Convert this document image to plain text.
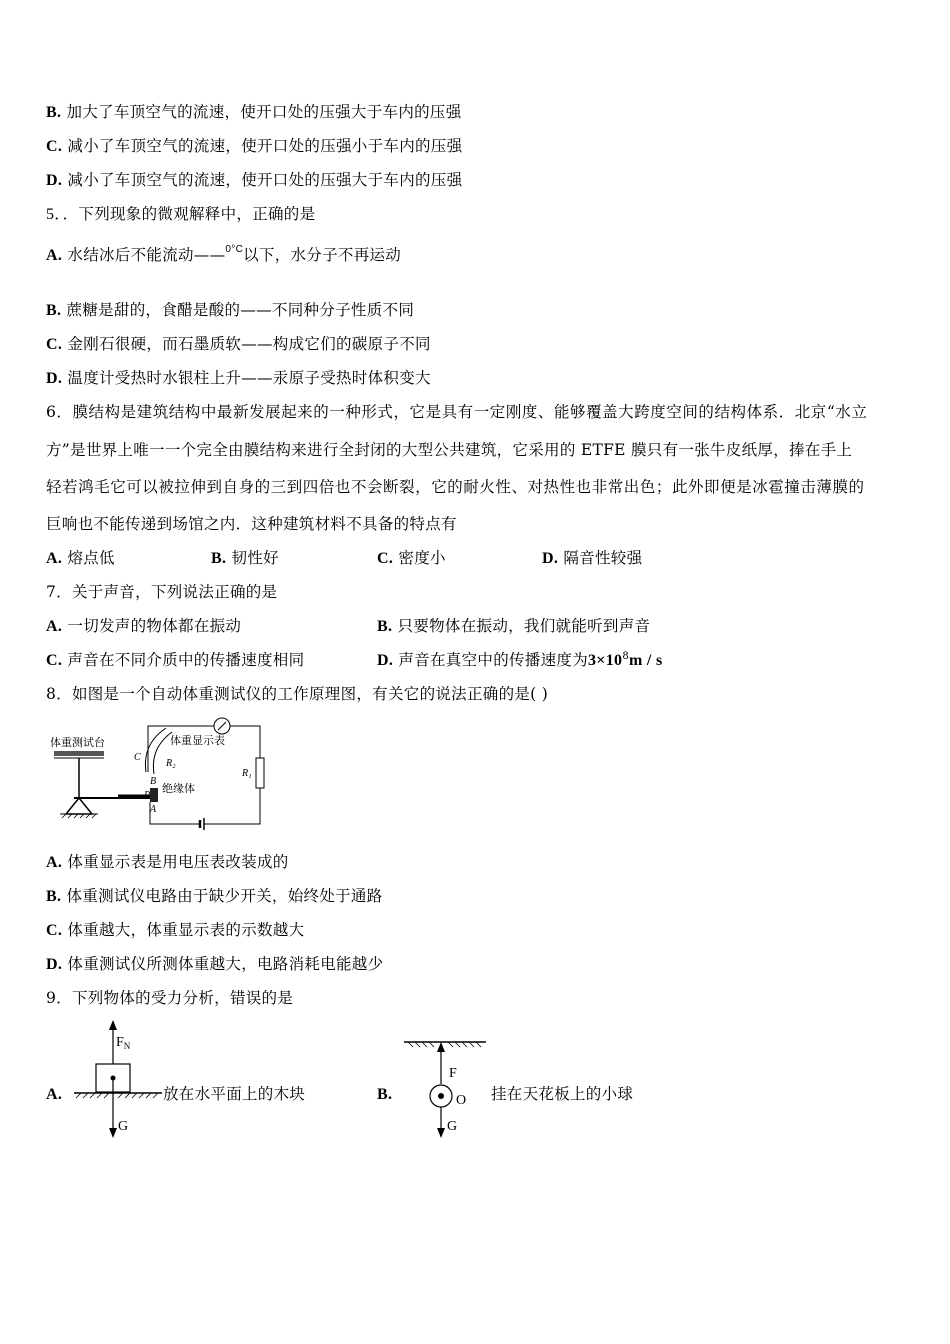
B. 加大了车顶空气的流速，使开口处的压强大于车内的压强
C. 减小了车顶空气的流速，使开口处的压强小于车内的压强
D. 减小了车顶空气的流速，使开口处的压强大于车内的压强
5．．下列现象的微观解释中，正确的是
A. 水结冰后不能流动——$^{0^\circ C}$以下，水分子不再运动
B. 蔗糖是甜的，食醋是酸的——不同种分子性质不同
C. 金刚石很硬，而石墨质软——构成它们的碳原子不同
D. 温度计受热时水银柱上升——汞原子受热时体积变大
6．膜结构是建筑结构中最新发展起来的一种形式，它是具有一定刚度、能够覆盖大跨度空间的结构体系．北京“水立
方”是世界上唯一一个完全由膜结构来进行全封闭的大型公共建筑，它采用的 ETFE 膜只有一张牛皮纸厚，捧在手上
轻若鸿毛它可以被拉伸到自身的三到四倍也不会断裂，它的耐火性、对热性也非常出色；此外即便是冰雹撞击薄膜的
巨响也不能传递到场馆之内．这种建筑材料不具备的特点有
A. 熔点低	B. 韧性好	C. 密度小	D. 隔音性较强
7．关于声音，下列说法正确的是
A. 一切发声的物体都在振动	B. 只要物体在振动，我们就能听到声音
C. 声音在不同介质中的传播速度相同	D. 声音在真空中的传播速度为$3\times 10^8m / s$
8．如图是一个自动体重测试仪的工作原理图，有关它的说法正确的是( )
体重测试台
绝缘体
R₂
C
B
P
A
体重显示表
R₁
A. 体重显示表是用电压表改装成的
B. 体重测试仪电路由于缺少开关，始终处于通路
C. 体重越大，体重显示表的示数越大
D. 体重测试仪所测体重越大，电路消耗电能越少
9．下列物体的受力分析，错误的是
A.
$F_N$
G
放在水平面上的木块	B.
F
O
G
挂在天花板上的小球
